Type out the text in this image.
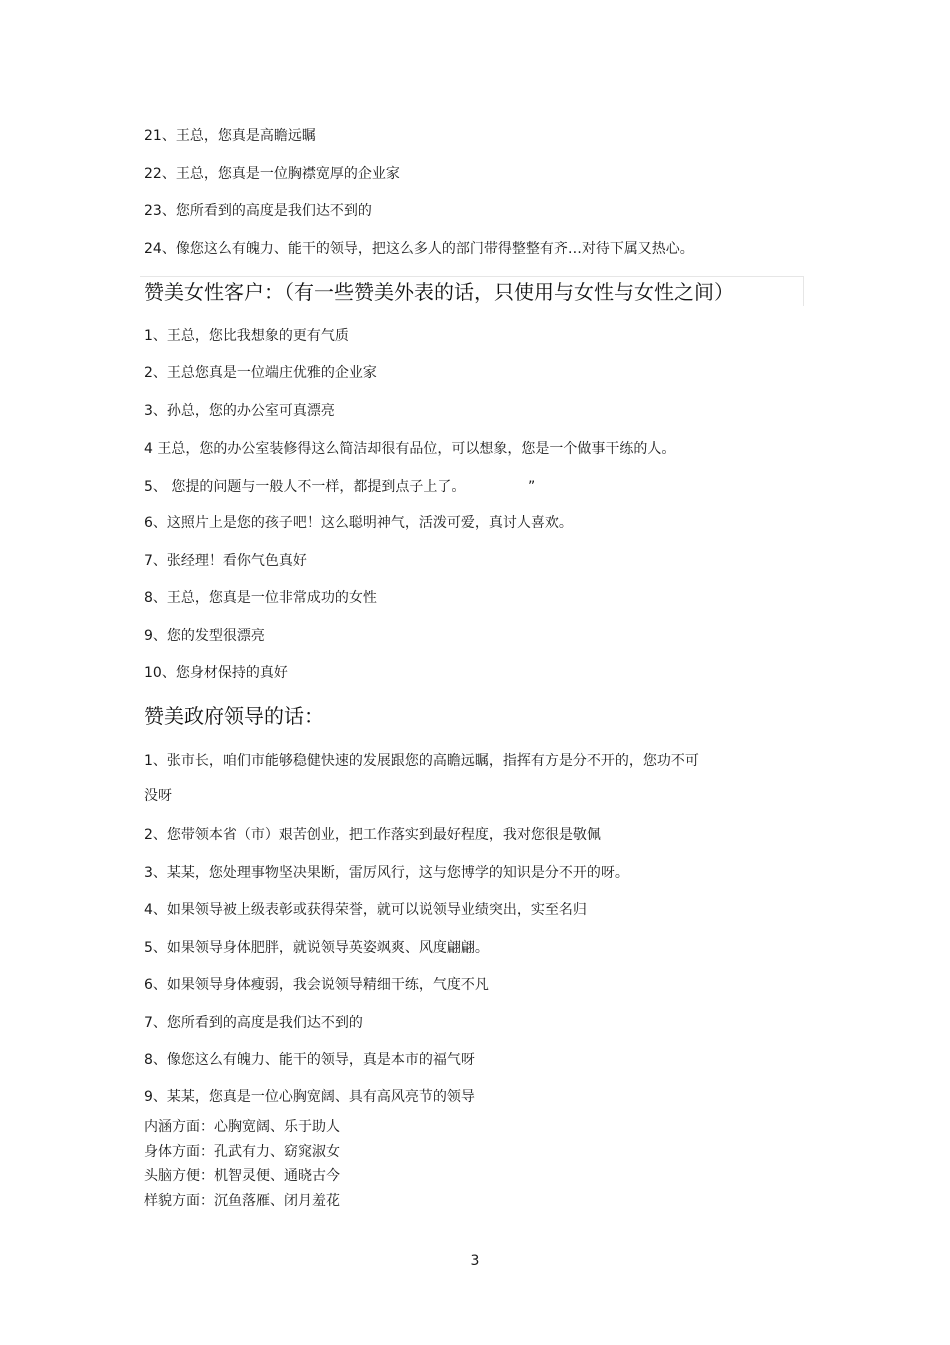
21、王总，您真是高瞻远瞩
22、王总，您真是一位胸襟宽厚的企业家
23、您所看到的高度是我们达不到的
24、像您这么有魄力、能干的领导，把这么多人的部门带得整整有齐…对待下属又热心。
赞美女性客户：（有一些赞美外表的话，只使用与女性与女性之间）
1、王总，您比我想象的更有气质
2、王总您真是一位端庄优雅的企业家
3、孙总，您的办公室可真漂亮
4 王总，您的办公室装修得这么简洁却很有品位，可以想象，您是一个做事干练的人。
5、 您提的问题与一般人不一样，都提到点子上了。	”
6、这照片上是您的孩子吧！这么聪明神气，活泼可爱，真讨人喜欢。
7、张经理！看你气色真好
8、王总，您真是一位非常成功的女性
9、您的发型很漂亮
10、您身材保持的真好
赞美政府领导的话：
1、张市长，咱们市能够稳健快速的发展跟您的高瞻远瞩，指挥有方是分不开的，您功不可
没呀
2、您带领本省（市）艰苦创业，把工作落实到最好程度，我对您很是敬佩
3、某某，您处理事物坚决果断，雷厉风行，这与您博学的知识是分不开的呀。
4、如果领导被上级表彰或获得荣誉，就可以说领导业绩突出，实至名归
5、如果领导身体肥胖，就说领导英姿飒爽、风度翩翩。
6、如果领导身体瘦弱，我会说领导精细干练，气度不凡
7、您所看到的高度是我们达不到的
8、像您这么有魄力、能干的领导，真是本市的福气呀
9、某某，您真是一位心胸宽阔、具有高风亮节的领导
内涵方面：心胸宽阔、乐于助人
身体方面：孔武有力、窈窕淑女
头脑方便：机智灵便、通晓古今
样貌方面：沉鱼落雁、闭月羞花
3
